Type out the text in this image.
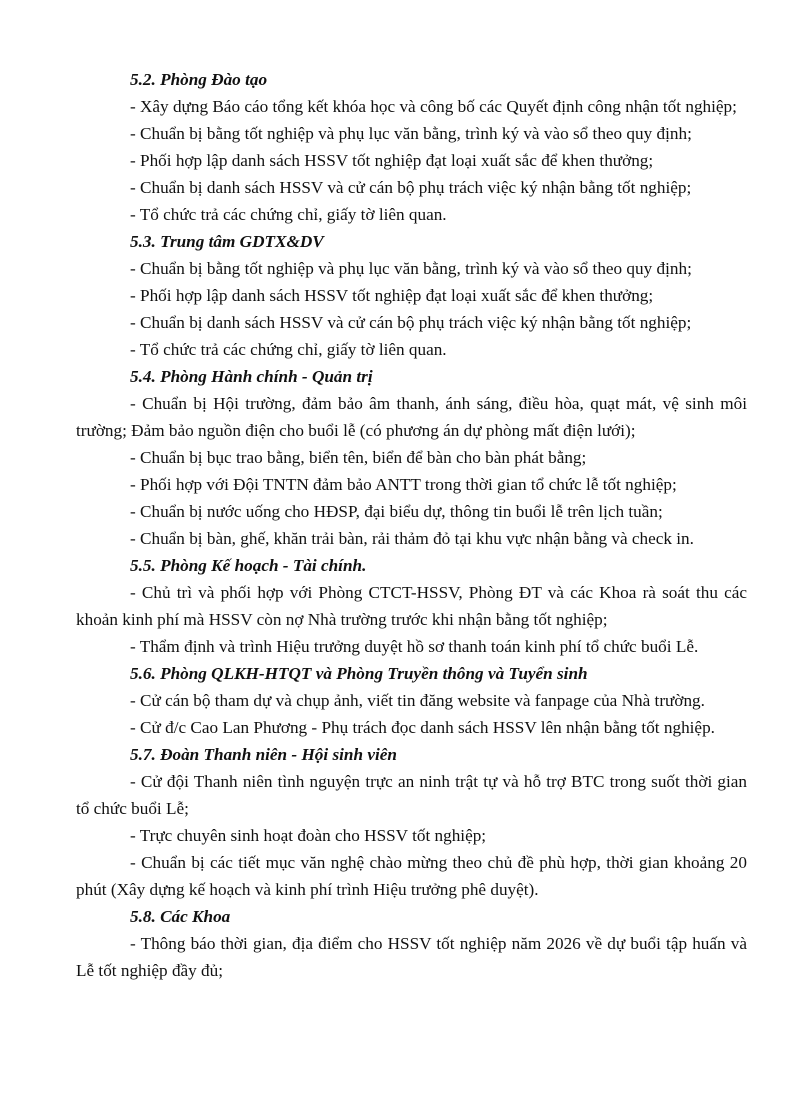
5.2. Phòng Đào tạo
- Xây dựng Báo cáo tổng kết khóa học và công bố các Quyết định công nhận tốt nghiệp;
- Chuẩn bị bằng tốt nghiệp và phụ lục văn bằng, trình ký và vào sổ theo quy định;
- Phối hợp lập danh sách HSSV tốt nghiệp đạt loại xuất sắc để khen thưởng;
- Chuẩn bị danh sách HSSV và cử cán bộ phụ trách việc ký nhận bằng tốt nghiệp;
- Tổ chức trả các chứng chỉ, giấy tờ liên quan.
5.3. Trung tâm GDTX&DV
- Chuẩn bị bằng tốt nghiệp và phụ lục văn bằng, trình ký và vào sổ theo quy định;
- Phối hợp lập danh sách HSSV tốt nghiệp đạt loại xuất sắc để khen thưởng;
- Chuẩn bị danh sách HSSV và cử cán bộ phụ trách việc ký nhận bằng tốt nghiệp;
- Tổ chức trả các chứng chỉ, giấy tờ liên quan.
5.4. Phòng Hành chính - Quản trị
- Chuẩn bị Hội trường, đảm bảo âm thanh, ánh sáng, điều hòa, quạt mát, vệ sinh môi trường; Đảm bảo nguồn điện cho buổi lễ (có phương án dự phòng mất điện lưới);
- Chuẩn bị bục trao bằng, biển tên, biển để bàn cho bàn phát bằng;
- Phối hợp với Đội TNTN đảm bảo ANTT trong thời gian tổ chức lễ tốt nghiệp;
- Chuẩn bị nước uống cho HĐSP, đại biểu dự, thông tin buổi lễ trên lịch tuần;
- Chuẩn bị bàn, ghế, khăn trải bàn, rải thảm đỏ tại khu vực nhận bằng và check in.
5.5. Phòng Kế hoạch - Tài chính.
- Chủ trì và phối hợp với Phòng CTCT-HSSV, Phòng ĐT và các Khoa rà soát thu các khoản kinh phí mà HSSV còn nợ Nhà trường trước khi nhận bằng tốt nghiệp;
- Thẩm định và trình Hiệu trưởng duyệt hồ sơ thanh toán kinh phí tổ chức buổi Lễ.
5.6. Phòng QLKH-HTQT và Phòng Truyền thông và Tuyển sinh
- Cử cán bộ tham dự và chụp ảnh, viết tin đăng website và fanpage của Nhà trường.
- Cử đ/c Cao Lan Phương - Phụ trách đọc danh sách HSSV lên nhận bằng tốt nghiệp.
5.7. Đoàn Thanh niên - Hội sinh viên
- Cử đội Thanh niên tình nguyện trực an ninh trật tự và hỗ trợ BTC trong suốt thời gian tổ chức buổi Lễ;
- Trực chuyên sinh hoạt đoàn cho HSSV tốt nghiệp;
- Chuẩn bị các tiết mục văn nghệ chào mừng theo chủ đề phù hợp, thời gian khoảng 20 phút (Xây dựng kế hoạch và kinh phí trình Hiệu trưởng phê duyệt).
5.8. Các Khoa
- Thông báo thời gian, địa điểm cho HSSV tốt nghiệp năm 2026 về dự buổi tập huấn và Lễ tốt nghiệp đầy đủ;
